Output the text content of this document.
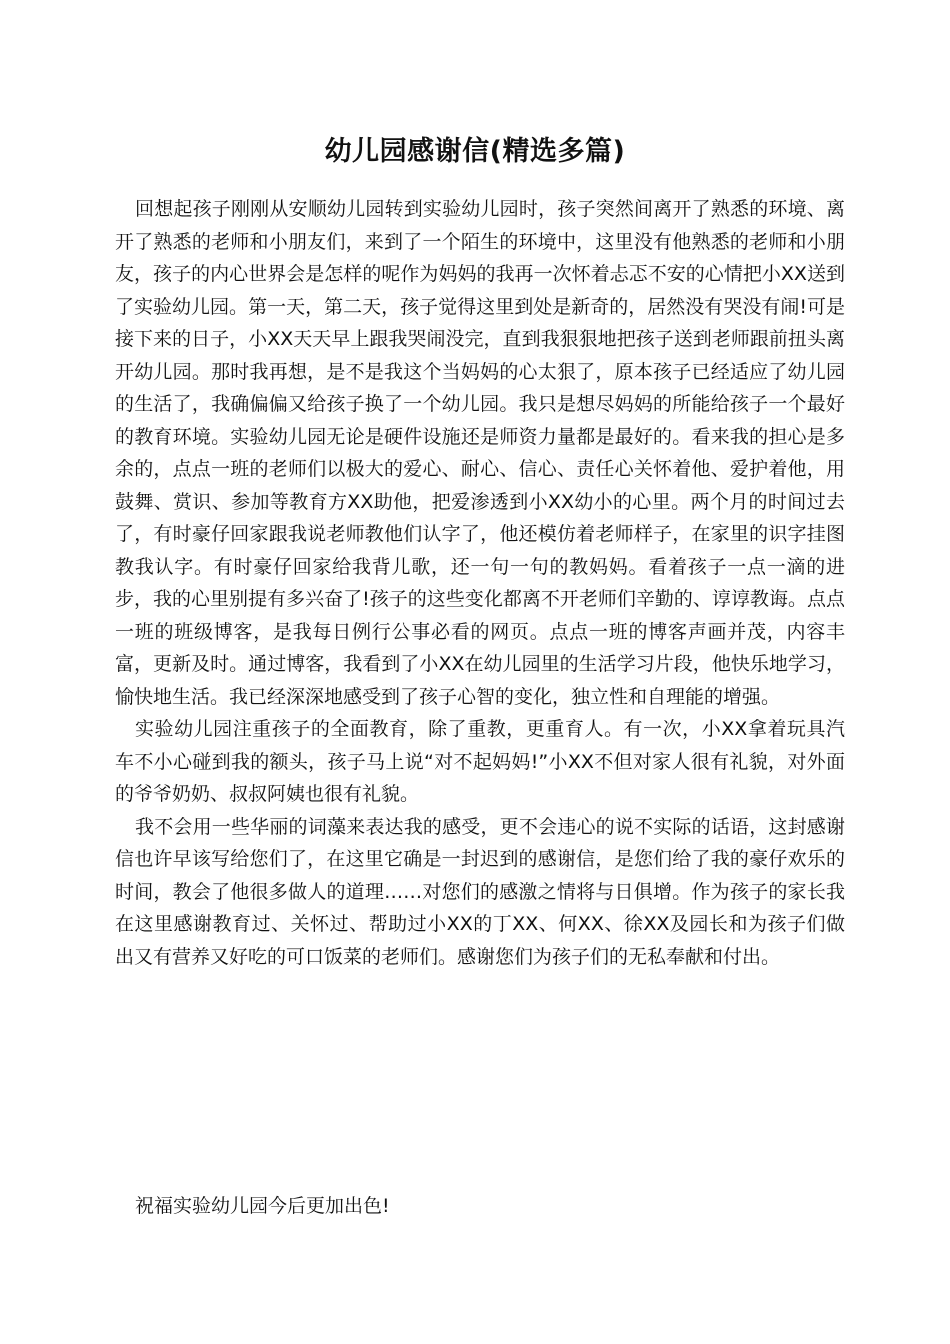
幼儿园感谢信(精选多篇)

回想起孩子刚刚从安顺幼儿园转到实验幼儿园时，孩子突然间离开了熟悉的环境、离开了熟悉的老师和小朋友们，来到了一个陌生的环境中，这里没有他熟悉的老师和小朋友，孩子的内心世界会是怎样的呢作为妈妈的我再一次怀着忐忑不安的心情把小XX送到了实验幼儿园。第一天，第二天，孩子觉得这里到处是新奇的，居然没有哭没有闹!可是接下来的日子，小XX天天早上跟我哭闹没完，直到我狠狠地把孩子送到老师跟前扭头离开幼儿园。那时我再想，是不是我这个当妈妈的心太狠了，原本孩子已经适应了幼儿园的生活了，我确偏偏又给孩子换了一个幼儿园。我只是想尽妈妈的所能给孩子一个最好的教育环境。实验幼儿园无论是硬件设施还是师资力量都是最好的。看来我的担心是多余的，点点一班的老师们以极大的爱心、耐心、信心、责任心关怀着他、爱护着他，用鼓舞、赏识、参加等教育方XX助他，把爱渗透到小XX幼小的心里。两个月的时间过去了，有时豪仔回家跟我说老师教他们认字了，他还模仿着老师样子，在家里的识字挂图教我认字。有时豪仔回家给我背儿歌，还一句一句的教妈妈。看着孩子一点一滴的进步，我的心里别提有多兴奋了!孩子的这些变化都离不开老师们辛勤的、谆谆教诲。点点一班的班级博客，是我每日例行公事必看的网页。点点一班的博客声画并茂，内容丰富，更新及时。通过博客，我看到了小XX在幼儿园里的生活学习片段，他快乐地学习，愉快地生活。我已经深深地感受到了孩子心智的变化，独立性和自理能的增强。

实验幼儿园注重孩子的全面教育，除了重教，更重育人。有一次，小XX拿着玩具汽车不小心碰到我的额头，孩子马上说“对不起妈妈!”小XX不但对家人很有礼貌，对外面的爷爷奶奶、叔叔阿姨也很有礼貌。

我不会用一些华丽的词藻来表达我的感受，更不会违心的说不实际的话语，这封感谢信也许早该写给您们了，在这里它确是一封迟到的感谢信，是您们给了我的豪仔欢乐的时间，教会了他很多做人的道理……对您们的感激之情将与日俱增。作为孩子的家长我在这里感谢教育过、关怀过、帮助过小XX的丁XX、何XX、徐XX及园长和为孩子们做出又有营养又好吃的可口饭菜的老师们。感谢您们为孩子们的无私奉献和付出。

祝福实验幼儿园今后更加出色!
